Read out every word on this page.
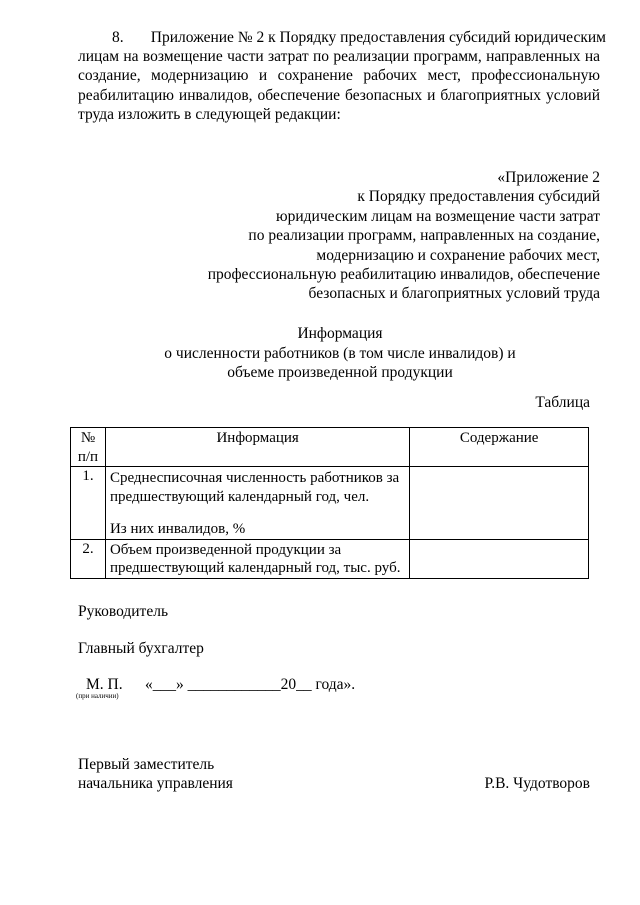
8.       Приложение № 2 к Порядку предоставления субсидий юридическим
лицам на возмещение части затрат по реализации программ, направленных на
создание, модернизацию и сохранение рабочих мест, профессиональную
реабилитацию инвалидов, обеспечение безопасных и благоприятных условий
труда изложить в следующей редакции:
«Приложение 2
к Порядку предоставления субсидий
юридическим лицам на возмещение части затрат
по реализации программ, направленных на создание,
модернизацию и сохранение рабочих мест,
профессиональную реабилитацию инвалидов, обеспечение
безопасных и благоприятных условий труда
Информация
о численности работников (в том числе инвалидов) и
объеме произведенной продукции
Таблица
№ п/п	Информация	Содержание
1.	Среднесписочная численность работников за предшествующий календарный год, чел.
Из них инвалидов, %	
2.	Объем произведенной продукции за предшествующий календарный год, тыс. руб.	
Руководитель
Главный бухгалтер
М. П.
(при наличии)
«___» ____________20__ года».
Первый заместитель
начальника управления	Р.В. Чудотворов
